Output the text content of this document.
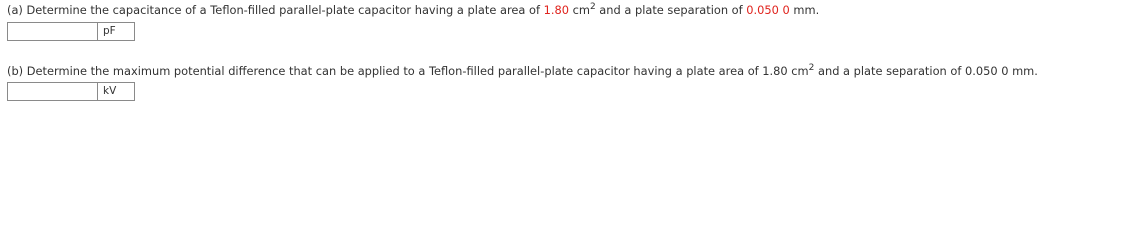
(a) Determine the capacitance of a Teflon-filled parallel-plate capacitor having a plate area of 1.80 $cm^2$ and a plate separation of 0.050 0 mm.
pF
(b) Determine the maximum potential difference that can be applied to a Teflon-filled parallel-plate capacitor having a plate area of 1.80 $cm^2$ and a plate separation of 0.050 0 mm.
kV
